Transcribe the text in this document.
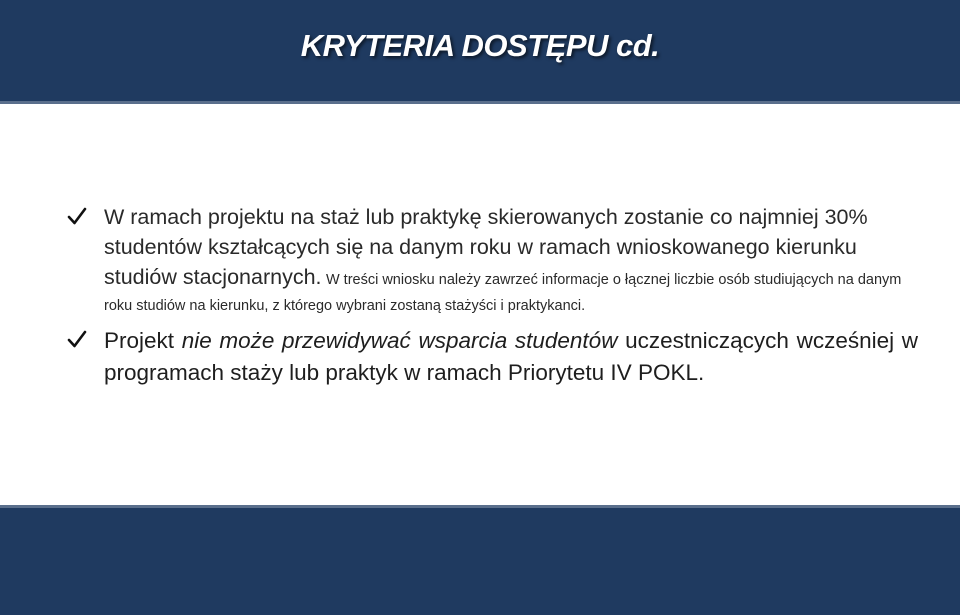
KRYTERIA DOSTĘPU cd.
W ramach projektu na staż lub praktykę skierowanych zostanie co najmniej 30% studentów kształcących się na danym roku w ramach wnioskowanego kierunku studiów stacjonarnych. W treści wniosku należy zawrzeć informacje o łącznej liczbie osób studiujących na danym roku studiów na kierunku, z którego wybrani zostaną stażyści i praktykanci.
Projekt nie może przewidywać wsparcia studentów uczestniczących wcześniej w programach staży lub praktyk w ramach Priorytetu IV POKL.
